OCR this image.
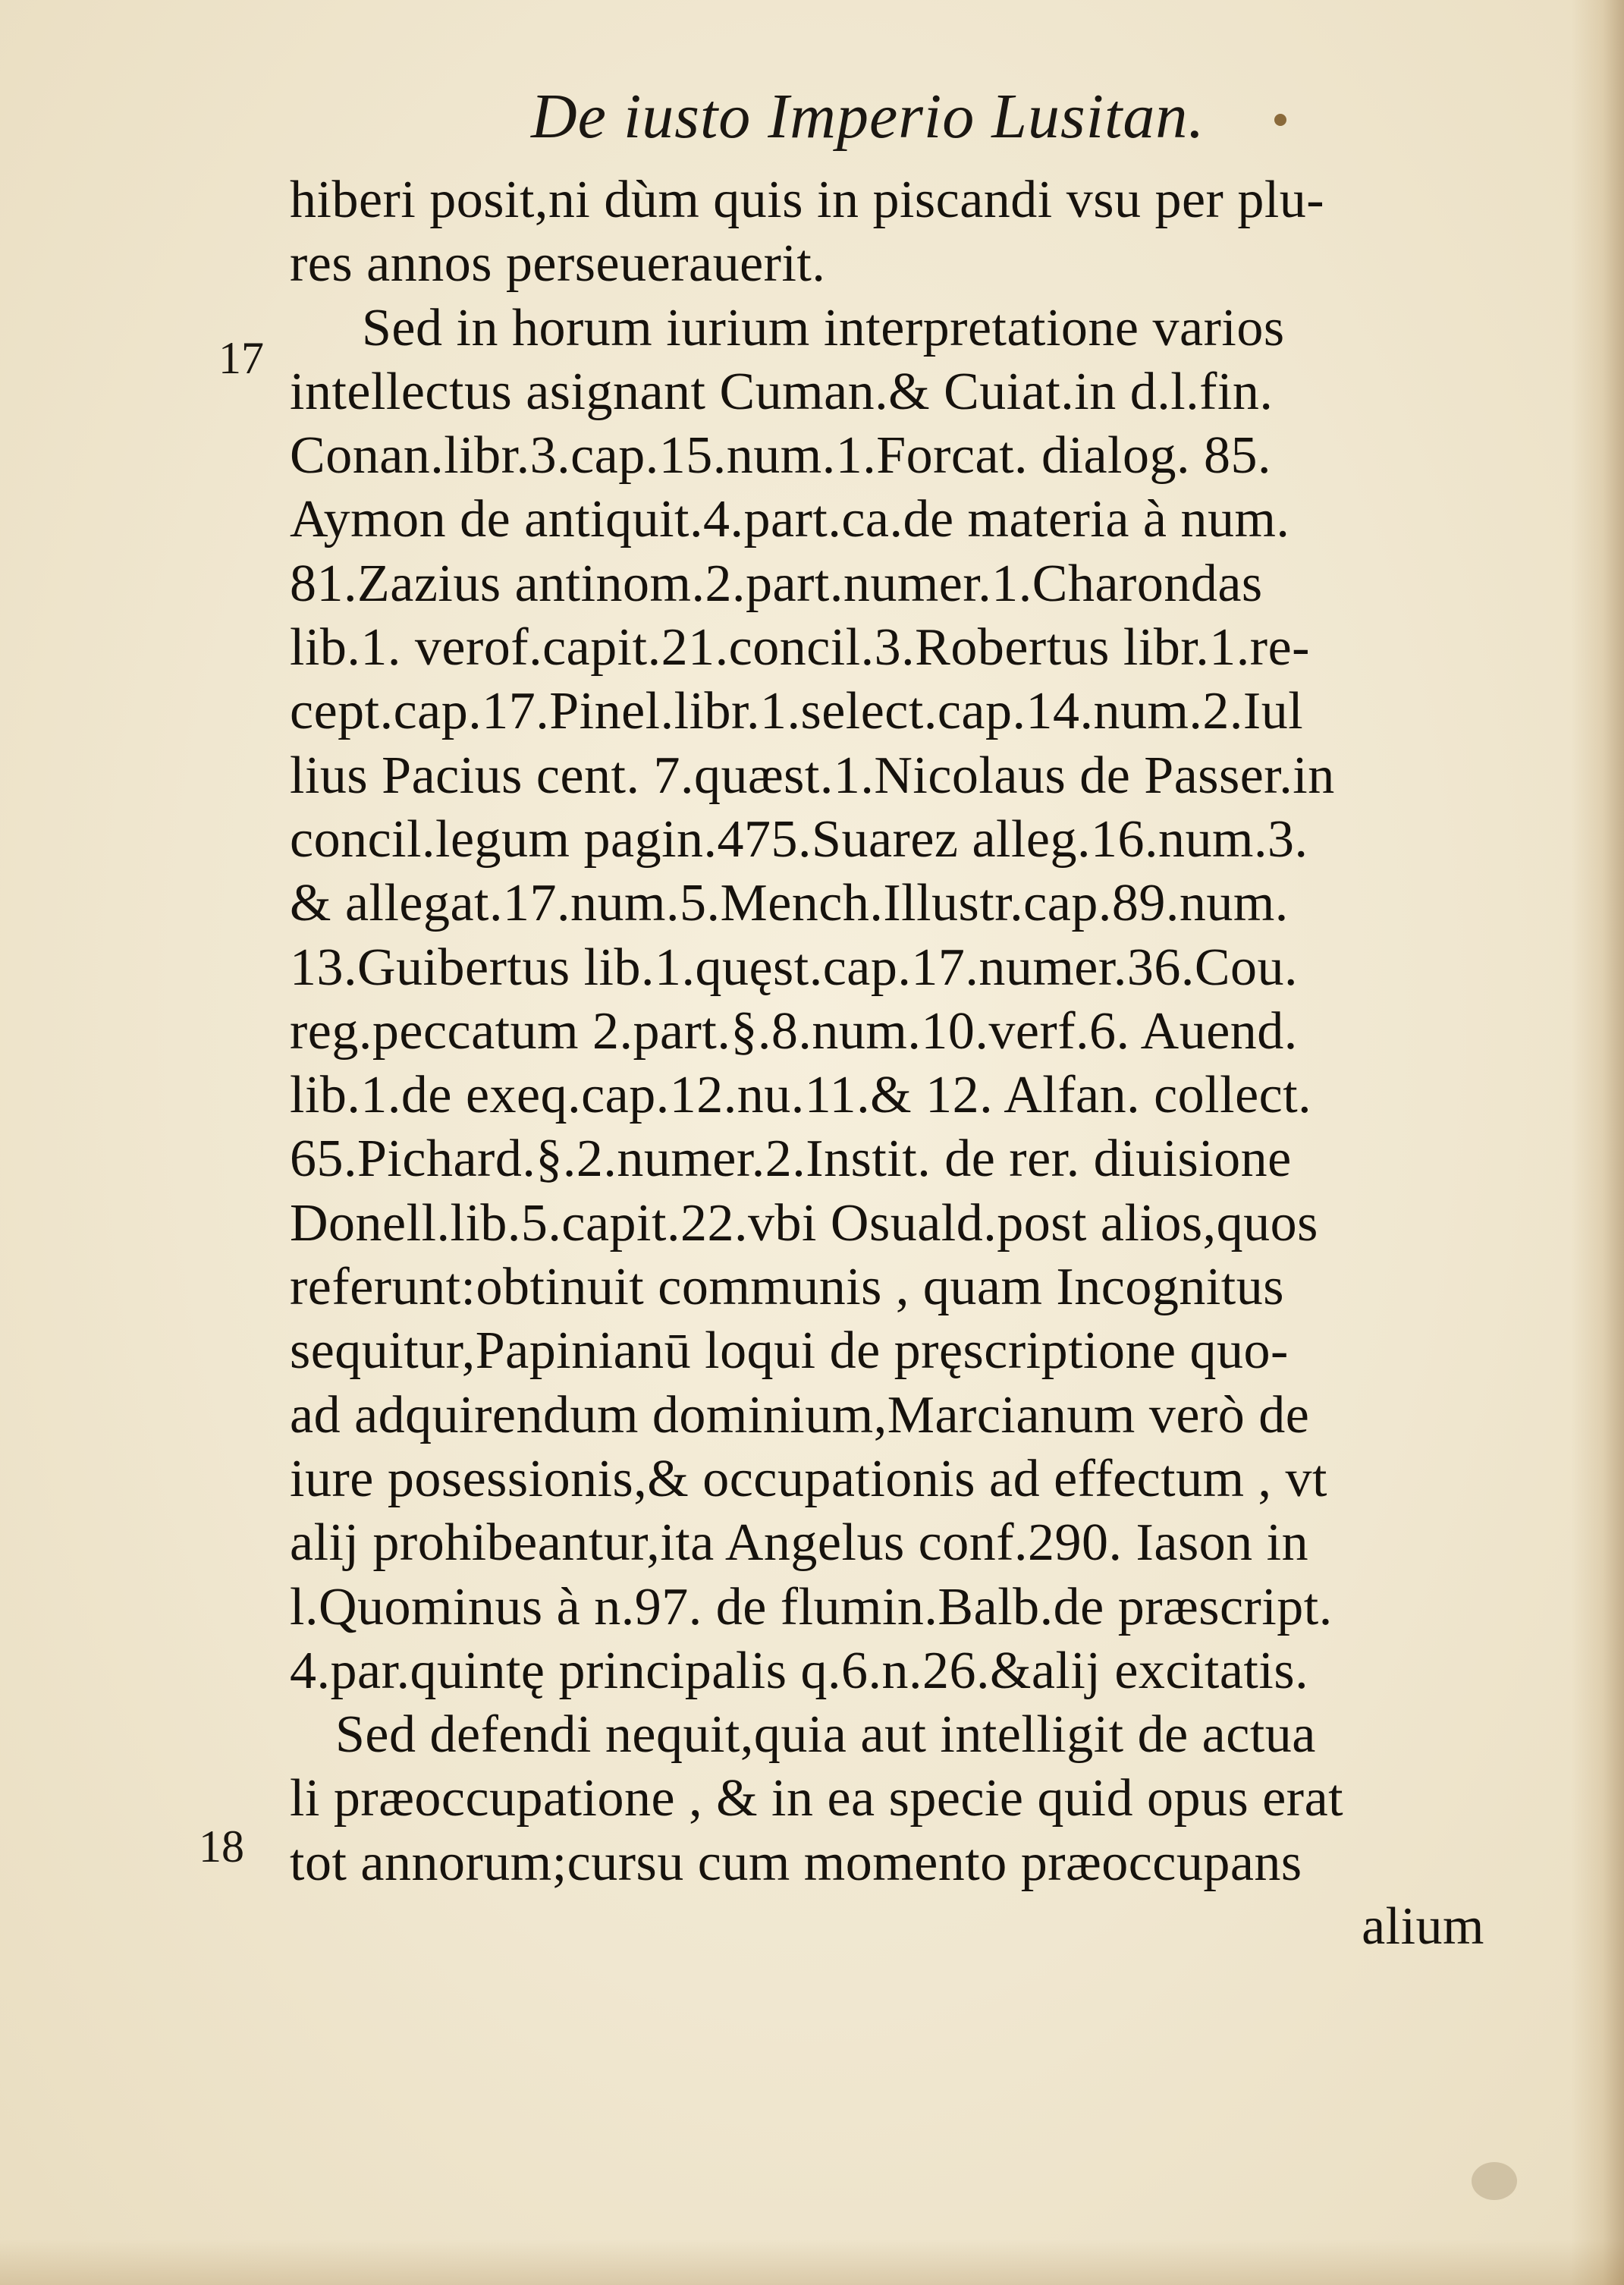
De iusto Imperio Lusitan.
17
18
hiberi posit,ni dùm quis in piscandi vsu per plu-
res annos perseuerauerit.
Sed in horum iurium interpretatione varios
intellectus asignant Cuman.& Cuiat.in d.l.fin.
Conan.libr.3.cap.15.num.1.Forcat. dialog. 85.
Aymon de antiquit.4.part.ca.de materia à num.
81.Zazius antinom.2.part.numer.1.Charondas
lib.1. verof.capit.21.concil.3.Robertus libr.1.re-
cept.cap.17.Pinel.libr.1.select.cap.14.num.2.Iul
lius Pacius cent. 7.quæst.1.Nicolaus de Passer.in
concil.legum pagin.475.Suarez alleg.16.num.3.
& allegat.17.num.5.Mench.Illustr.cap.89.num.
13.Guibertus lib.1.quęst.cap.17.numer.36.Cou.
reg.peccatum 2.part.§.8.num.10.verf.6. Auend.
lib.1.de exeq.cap.12.nu.11.& 12. Alfan. collect.
65.Pichard.§.2.numer.2.Instit. de rer. diuisione
Donell.lib.5.capit.22.vbi Osuald.post alios,quos
referunt:obtinuit communis , quam Incognitus
sequitur,Papinianū loqui de pręscriptione quo-
ad adquirendum dominium,Marcianum verò de
iure posessionis,& occupationis ad effectum , vt
alij prohibeantur,ita Angelus conf.290. Iason in
l.Quominus à n.97. de flumin.Balb.de præscript.
4.par.quintę principalis q.6.n.26.&alij excitatis.
Sed defendi nequit,quia aut intelligit de actua
li præoccupatione , & in ea specie quid opus erat
tot annorum;cursu cum momento præoccupans
alium
